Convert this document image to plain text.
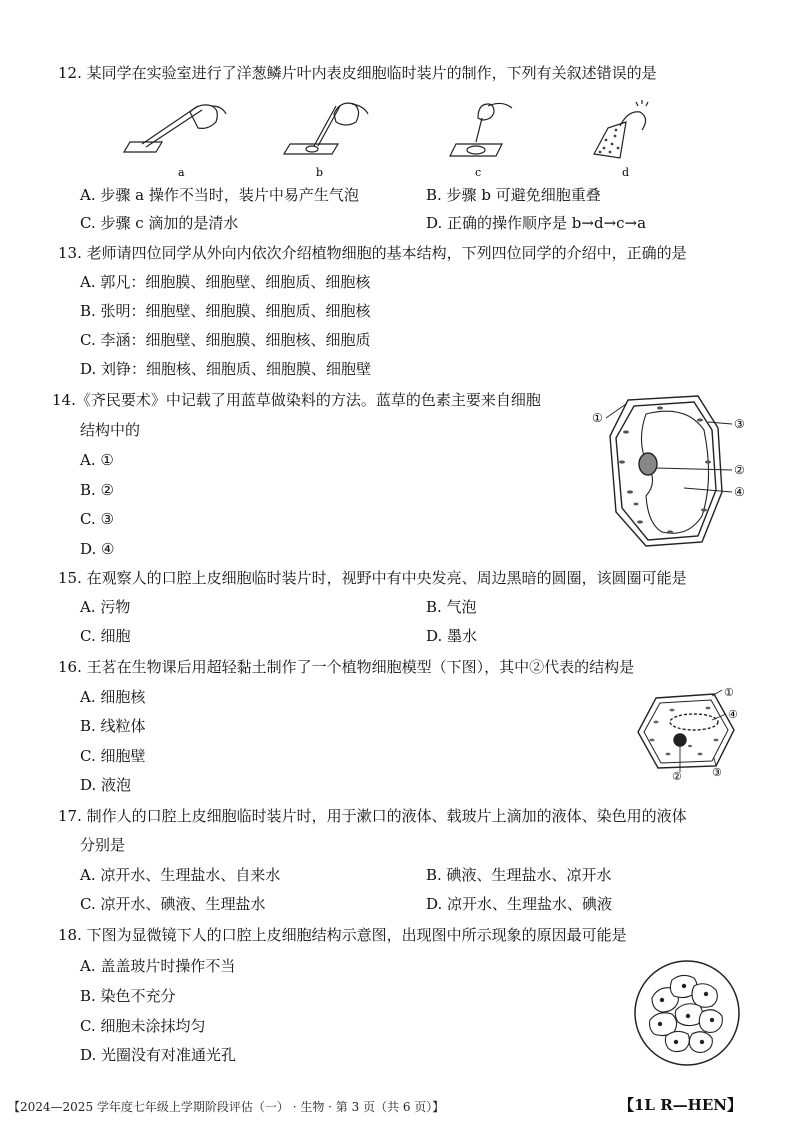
12. 某同学在实验室进行了洋葱鳞片叶内表皮细胞临时装片的制作，下列有关叙述错误的是
a	b	c	d
A. 步骤 a 操作不当时，装片中易产生气泡	B. 步骤 b 可避免细胞重叠
C. 步骤 c 滴加的是清水	D. 正确的操作顺序是 b→d→c→a
13. 老师请四位同学从外向内依次介绍植物细胞的基本结构，下列四位同学的介绍中，正确的是
A. 郭凡：细胞膜、细胞壁、细胞质、细胞核
B. 张明：细胞壁、细胞膜、细胞质、细胞核
C. 李涵：细胞壁、细胞膜、细胞核、细胞质
D. 刘铮：细胞核、细胞质、细胞膜、细胞壁
14.《齐民要术》中记载了用蓝草做染料的方法。蓝草的色素主要来自细胞
结构中的
A. ①
B. ②
C. ③
D. ④
①	③
②
④
15. 在观察人的口腔上皮细胞临时装片时，视野中有中央发亮、周边黑暗的圆圈，该圆圈可能是
A. 污物	B. 气泡
C. 细胞	D. 墨水
16. 王茗在生物课后用超轻黏土制作了一个植物细胞模型（下图），其中②代表的结构是
A. 细胞核
B. 线粒体
C. 细胞壁
D. 液泡
①
④
②	③
17. 制作人的口腔上皮细胞临时装片时，用于漱口的液体、载玻片上滴加的液体、染色用的液体
分别是
A. 凉开水、生理盐水、自来水	B. 碘液、生理盐水、凉开水
C. 凉开水、碘液、生理盐水	D. 凉开水、生理盐水、碘液
18. 下图为显微镜下人的口腔上皮细胞结构示意图，出现图中所示现象的原因最可能是
A. 盖盖玻片时操作不当
B. 染色不充分
C. 细胞未涂抹均匀
D. 光圈没有对准通光孔
【2024—2025 学年度七年级上学期阶段评估（一） · 生物 · 第 3 页（共 6 页）】	【1L R—HEN】
